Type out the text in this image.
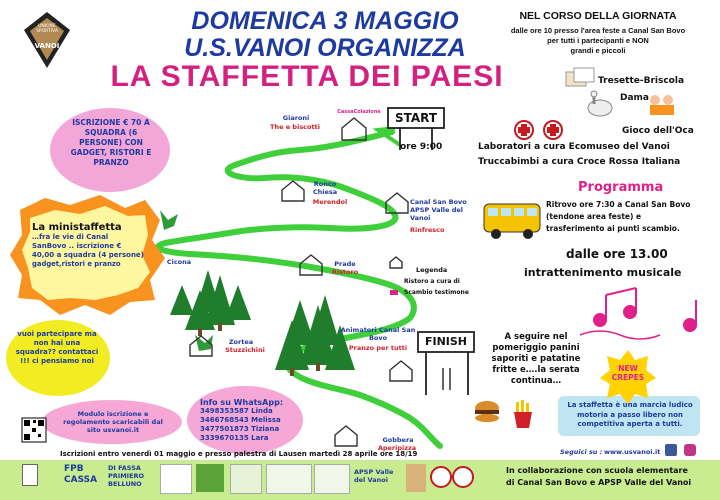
UNIONE
SPORTIVA
VANOI
DOMENICA 3 MAGGIO
U.S.VANOI ORGANIZZA
LA STAFFETTA DEI PAESI
ISCRIZIONE € 70 A SQUADRA (6 PERSONE) CON GADGET, RISTORI E PRANZO
La ministaffetta
…fra le vie di Canal SanBovo .. iscrizione € 40,00 a squadra (4 persone)
gadget,ristori e pranzo
vuoi partecipare ma non hai una squadra?? contattaci !!! ci pensiamo noi
Modulo iscrizione e regolamento scaricabili dal sito usvanoi.it
Info su WhatsApp:
3498353587 Linda
3466768543 Melissa
3477501873 Tiziana
3339670135 Lara
Iscrizioni entro venerdì 01 maggio e presso palestra di Lausen martedì 28 aprile ore 18/19
Giaroni
The e biscotti
CassaColazione
Ronco Chiesa
Merendol	Canal San Bovo APSP Valle del Vanoi
Rinfresco
Prade
Ristoro
Cicona
Zortea
Stuzzichini
Animatori Canal San Bovo
Pranzo per tutti
Gobbera
Aperipizza
START
ore 9:00
FINISH
Legenda
Ristoro a cura di
Scambio testimone
NEL CORSO DELLA GIORNATA
dalle ore 10 presso l'area feste a Canal San Bovo
per tutti i partecipanti e NON
grandi e piccoli
Tresette-Briscola
Dama
Gioco dell'Oca
Laboratori a cura Ecomuseo del Vanoi
Truccabimbi a cura Croce Rossa Italiana
Programma
Ritrovo ore 7:30 a Canal San Bovo
(tendone area feste) e
trasferimento ai punti scambio.
dalle ore 13.00
intrattenimento musicale
A seguire nel
pomeriggio panini
saporiti e patatine
fritte e….la serata
continua…
NEW
CREPES
La staffetta è una marcia ludico motoria a passo libero non competitiva aperta a tutti.
Seguici su : www.usvanoi.it
FPB CASSA
DI FASSA PRIMIERO BELLUNO
APSP Valle del Vanoi
In collaborazione con scuola elementare
di Canal San Bovo e APSP Valle del Vanoi
